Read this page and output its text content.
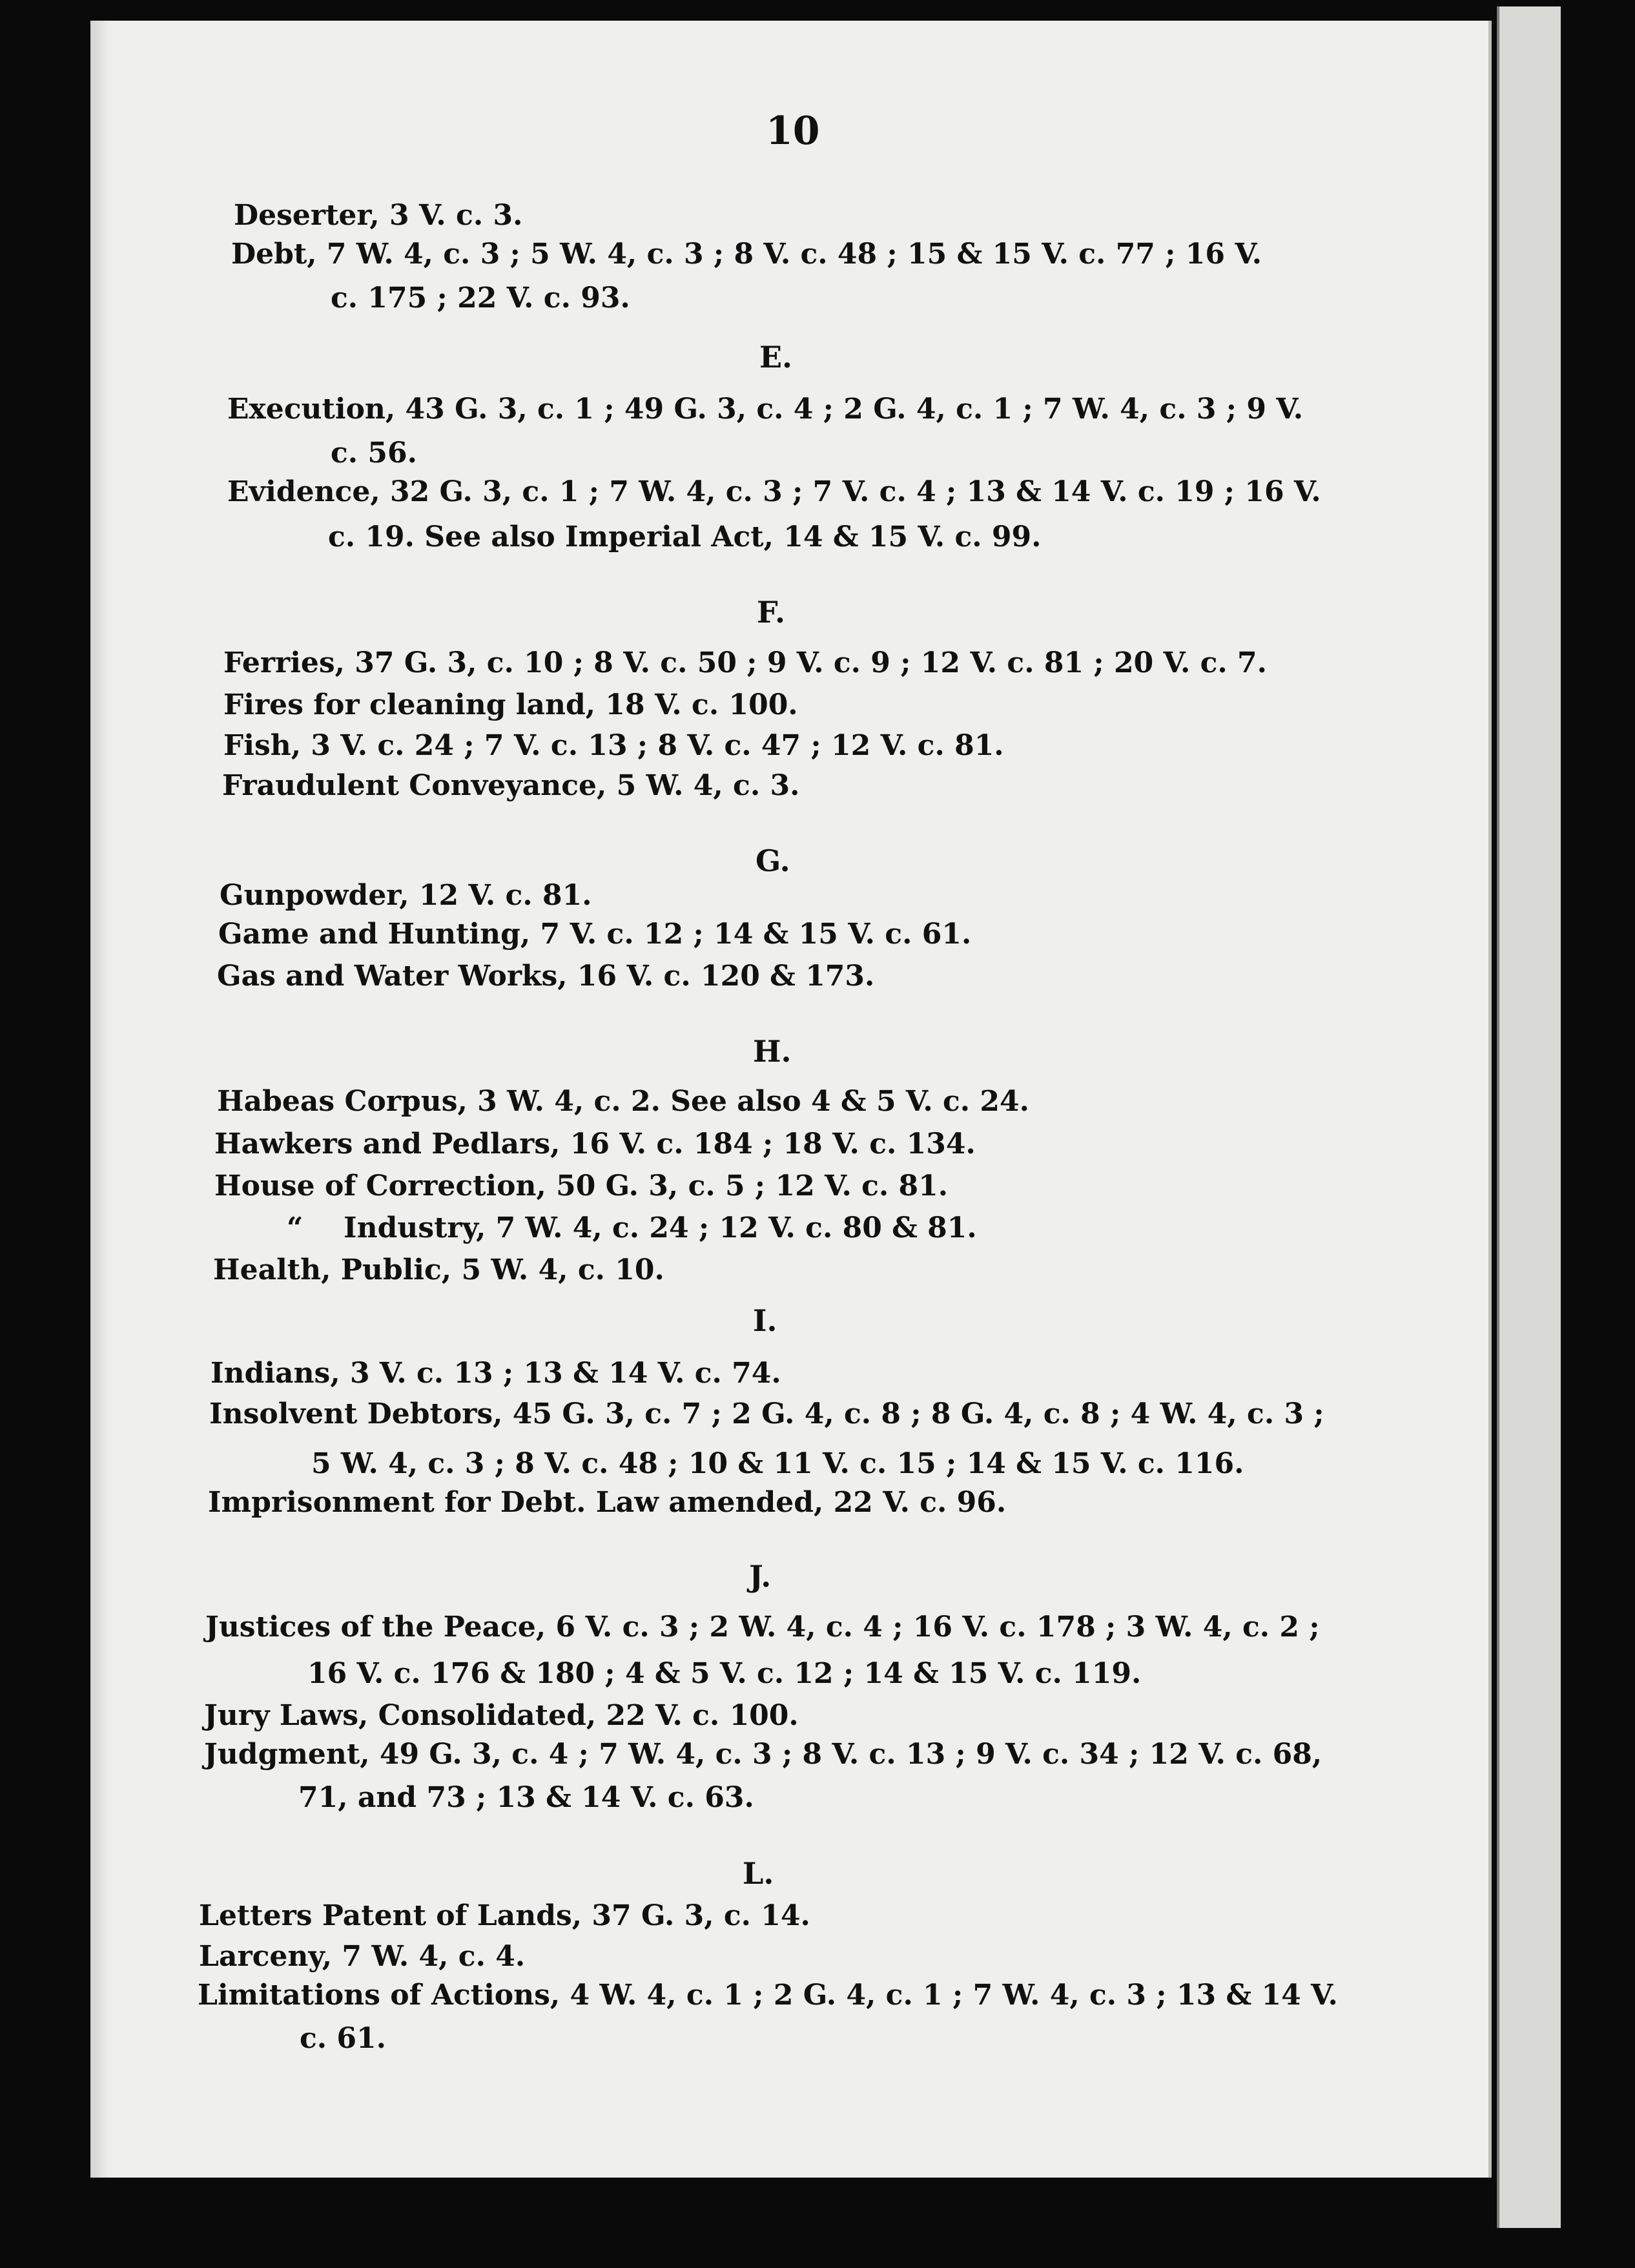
10
Deserter, 3 V. c. 3.
Debt, 7 W. 4, c. 3 ; 5 W. 4, c. 3 ; 8 V. c. 48 ; 15 & 15 V. c. 77 ; 16 V.
c. 175 ; 22 V. c. 93.
E.
Execution, 43 G. 3, c. 1 ; 49 G. 3, c. 4 ; 2 G. 4, c. 1 ; 7 W. 4, c. 3 ; 9 V.
c. 56.
Evidence, 32 G. 3, c. 1 ; 7 W. 4, c. 3 ; 7 V. c. 4 ; 13 & 14 V. c. 19 ; 16 V.
c. 19. See also Imperial Act, 14 & 15 V. c. 99.
F.
Ferries, 37 G. 3, c. 10 ; 8 V. c. 50 ; 9 V. c. 9 ; 12 V. c. 81 ; 20 V. c. 7.
Fires for cleaning land, 18 V. c. 100.
Fish, 3 V. c. 24 ; 7 V. c. 13 ; 8 V. c. 47 ; 12 V. c. 81.
Fraudulent Conveyance, 5 W. 4, c. 3.
G.
Gunpowder, 12 V. c. 81.
Game and Hunting, 7 V. c. 12 ; 14 & 15 V. c. 61.
Gas and Water Works, 16 V. c. 120 & 173.
H.
Habeas Corpus, 3 W. 4, c. 2. See also 4 & 5 V. c. 24.
Hawkers and Pedlars, 16 V. c. 184 ; 18 V. c. 134.
House of Correction, 50 G. 3, c. 5 ; 12 V. c. 81.
“ Industry, 7 W. 4, c. 24 ; 12 V. c. 80 & 81.
Health, Public, 5 W. 4, c. 10.
I.
Indians, 3 V. c. 13 ; 13 & 14 V. c. 74.
Insolvent Debtors, 45 G. 3, c. 7 ; 2 G. 4, c. 8 ; 8 G. 4, c. 8 ; 4 W. 4, c. 3 ;
5 W. 4, c. 3 ; 8 V. c. 48 ; 10 & 11 V. c. 15 ; 14 & 15 V. c. 116.
Imprisonment for Debt. Law amended, 22 V. c. 96.
J.
Justices of the Peace, 6 V. c. 3 ; 2 W. 4, c. 4 ; 16 V. c. 178 ; 3 W. 4, c. 2 ;
16 V. c. 176 & 180 ; 4 & 5 V. c. 12 ; 14 & 15 V. c. 119.
Jury Laws, Consolidated, 22 V. c. 100.
Judgment, 49 G. 3, c. 4 ; 7 W. 4, c. 3 ; 8 V. c. 13 ; 9 V. c. 34 ; 12 V. c. 68,
71, and 73 ; 13 & 14 V. c. 63.
L.
Letters Patent of Lands, 37 G. 3, c. 14.
Larceny, 7 W. 4, c. 4.
Limitations of Actions, 4 W. 4, c. 1 ; 2 G. 4, c. 1 ; 7 W. 4, c. 3 ; 13 & 14 V.
c. 61.
